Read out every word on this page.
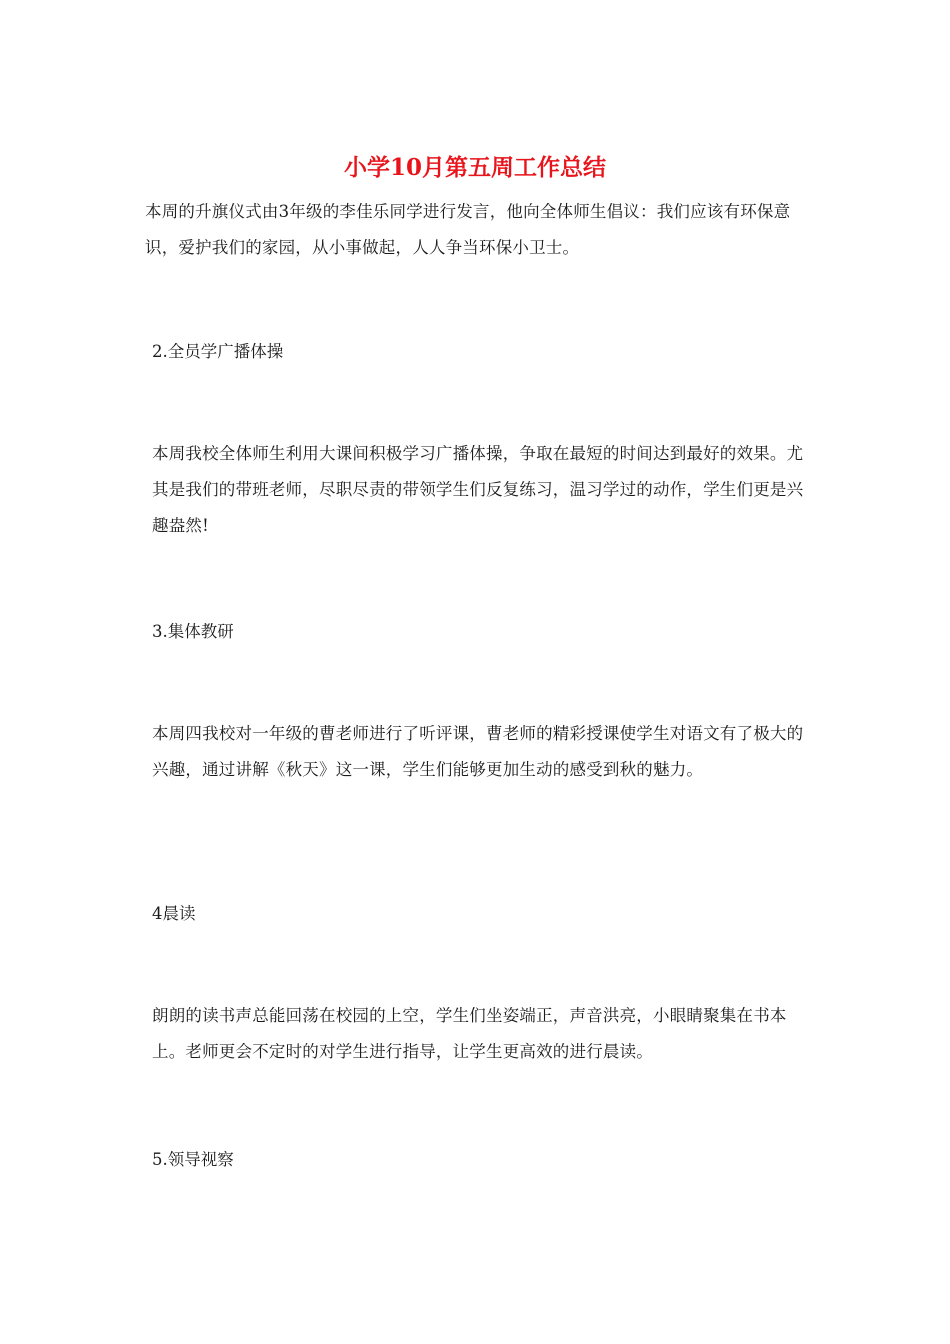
小学10月第五周工作总结

本周的升旗仪式由3年级的李佳乐同学进行发言，他向全体师生倡议：我们应该有环保意识，爱护我们的家园，从小事做起，人人争当环保小卫士。

2.全员学广播体操

本周我校全体师生利用大课间积极学习广播体操，争取在最短的时间达到最好的效果。尤其是我们的带班老师，尽职尽责的带领学生们反复练习，温习学过的动作，学生们更是兴趣盎然!

3.集体教研

本周四我校对一年级的曹老师进行了听评课，曹老师的精彩授课使学生对语文有了极大的兴趣，通过讲解《秋天》这一课，学生们能够更加生动的感受到秋的魅力。

4晨读

朗朗的读书声总能回荡在校园的上空，学生们坐姿端正，声音洪亮，小眼睛聚集在书本上。老师更会不定时的对学生进行指导，让学生更高效的进行晨读。

5.领导视察
